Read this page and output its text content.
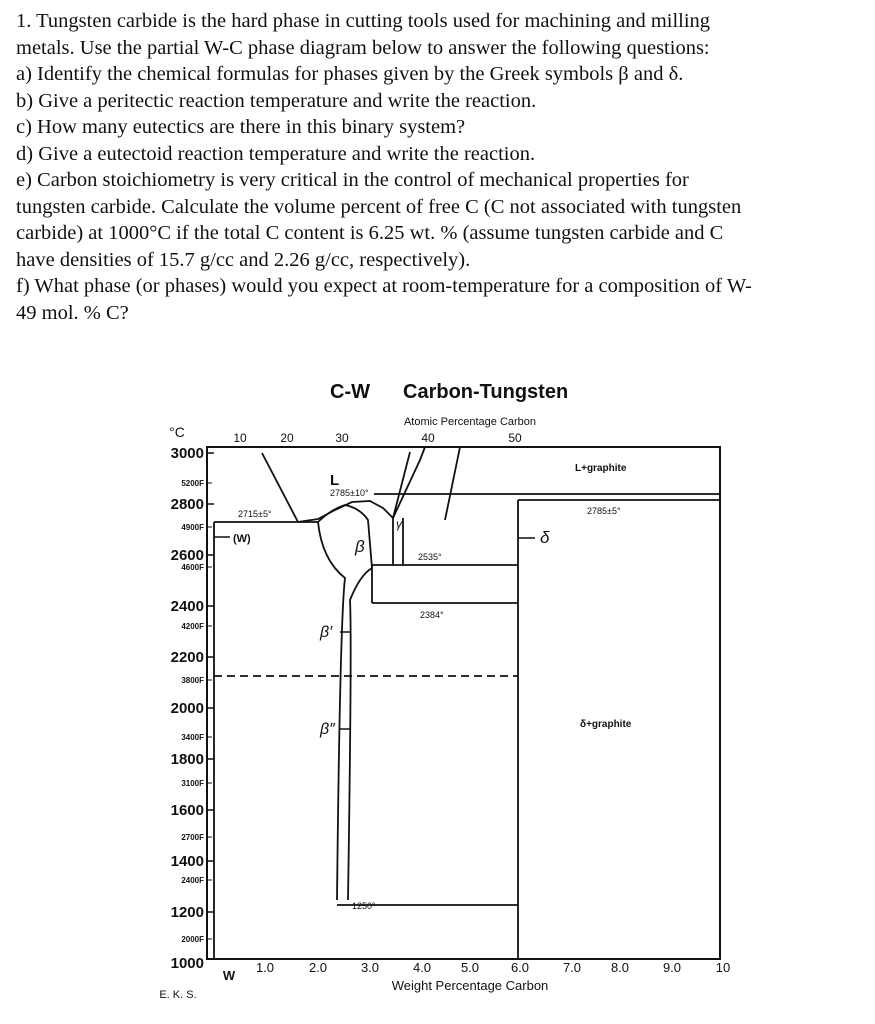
1. Tungsten carbide is the hard phase in cutting tools used for machining and milling
metals. Use the partial W-C phase diagram below to answer the following questions:
a) Identify the chemical formulas for phases given by the Greek symbols β and δ.
b) Give a peritectic reaction temperature and write the reaction.
c) How many eutectics are there in this binary system?
d) Give a eutectoid reaction temperature and write the reaction.
e) Carbon stoichiometry is very critical in the control of mechanical properties for
tungsten carbide. Calculate the volume percent of free C (C not associated with tungsten
carbide) at 1000°C if the total C content is 6.25 wt. % (assume tungsten carbide and C
have densities of 15.7 g/cc and 2.26 g/cc, respectively).
f) What phase (or phases) would you expect at room-temperature for a composition of W-
49 mol. % C?
C-W Carbon-Tungsten
Atomic Percentage Carbon
10	20	30	40	50
°C
3000
2800
2600
2400
2200
2000
1800
1600
1400
1200
1000
5200F
4900F
4600F
4200F
3800F
3400F
3100F
2700F
2400F
2000F
W
1.0	2.0	3.0	4.0 5.0 6.0	7.0 8.0	9.0	10
Weight Percentage Carbon
E. K. S.
L
L+graphite
δ+graphite
2785±10°
2715±5°	2785±5°
2535°
2384°
1250°
(W)	β
β′
β″
γ
δ
